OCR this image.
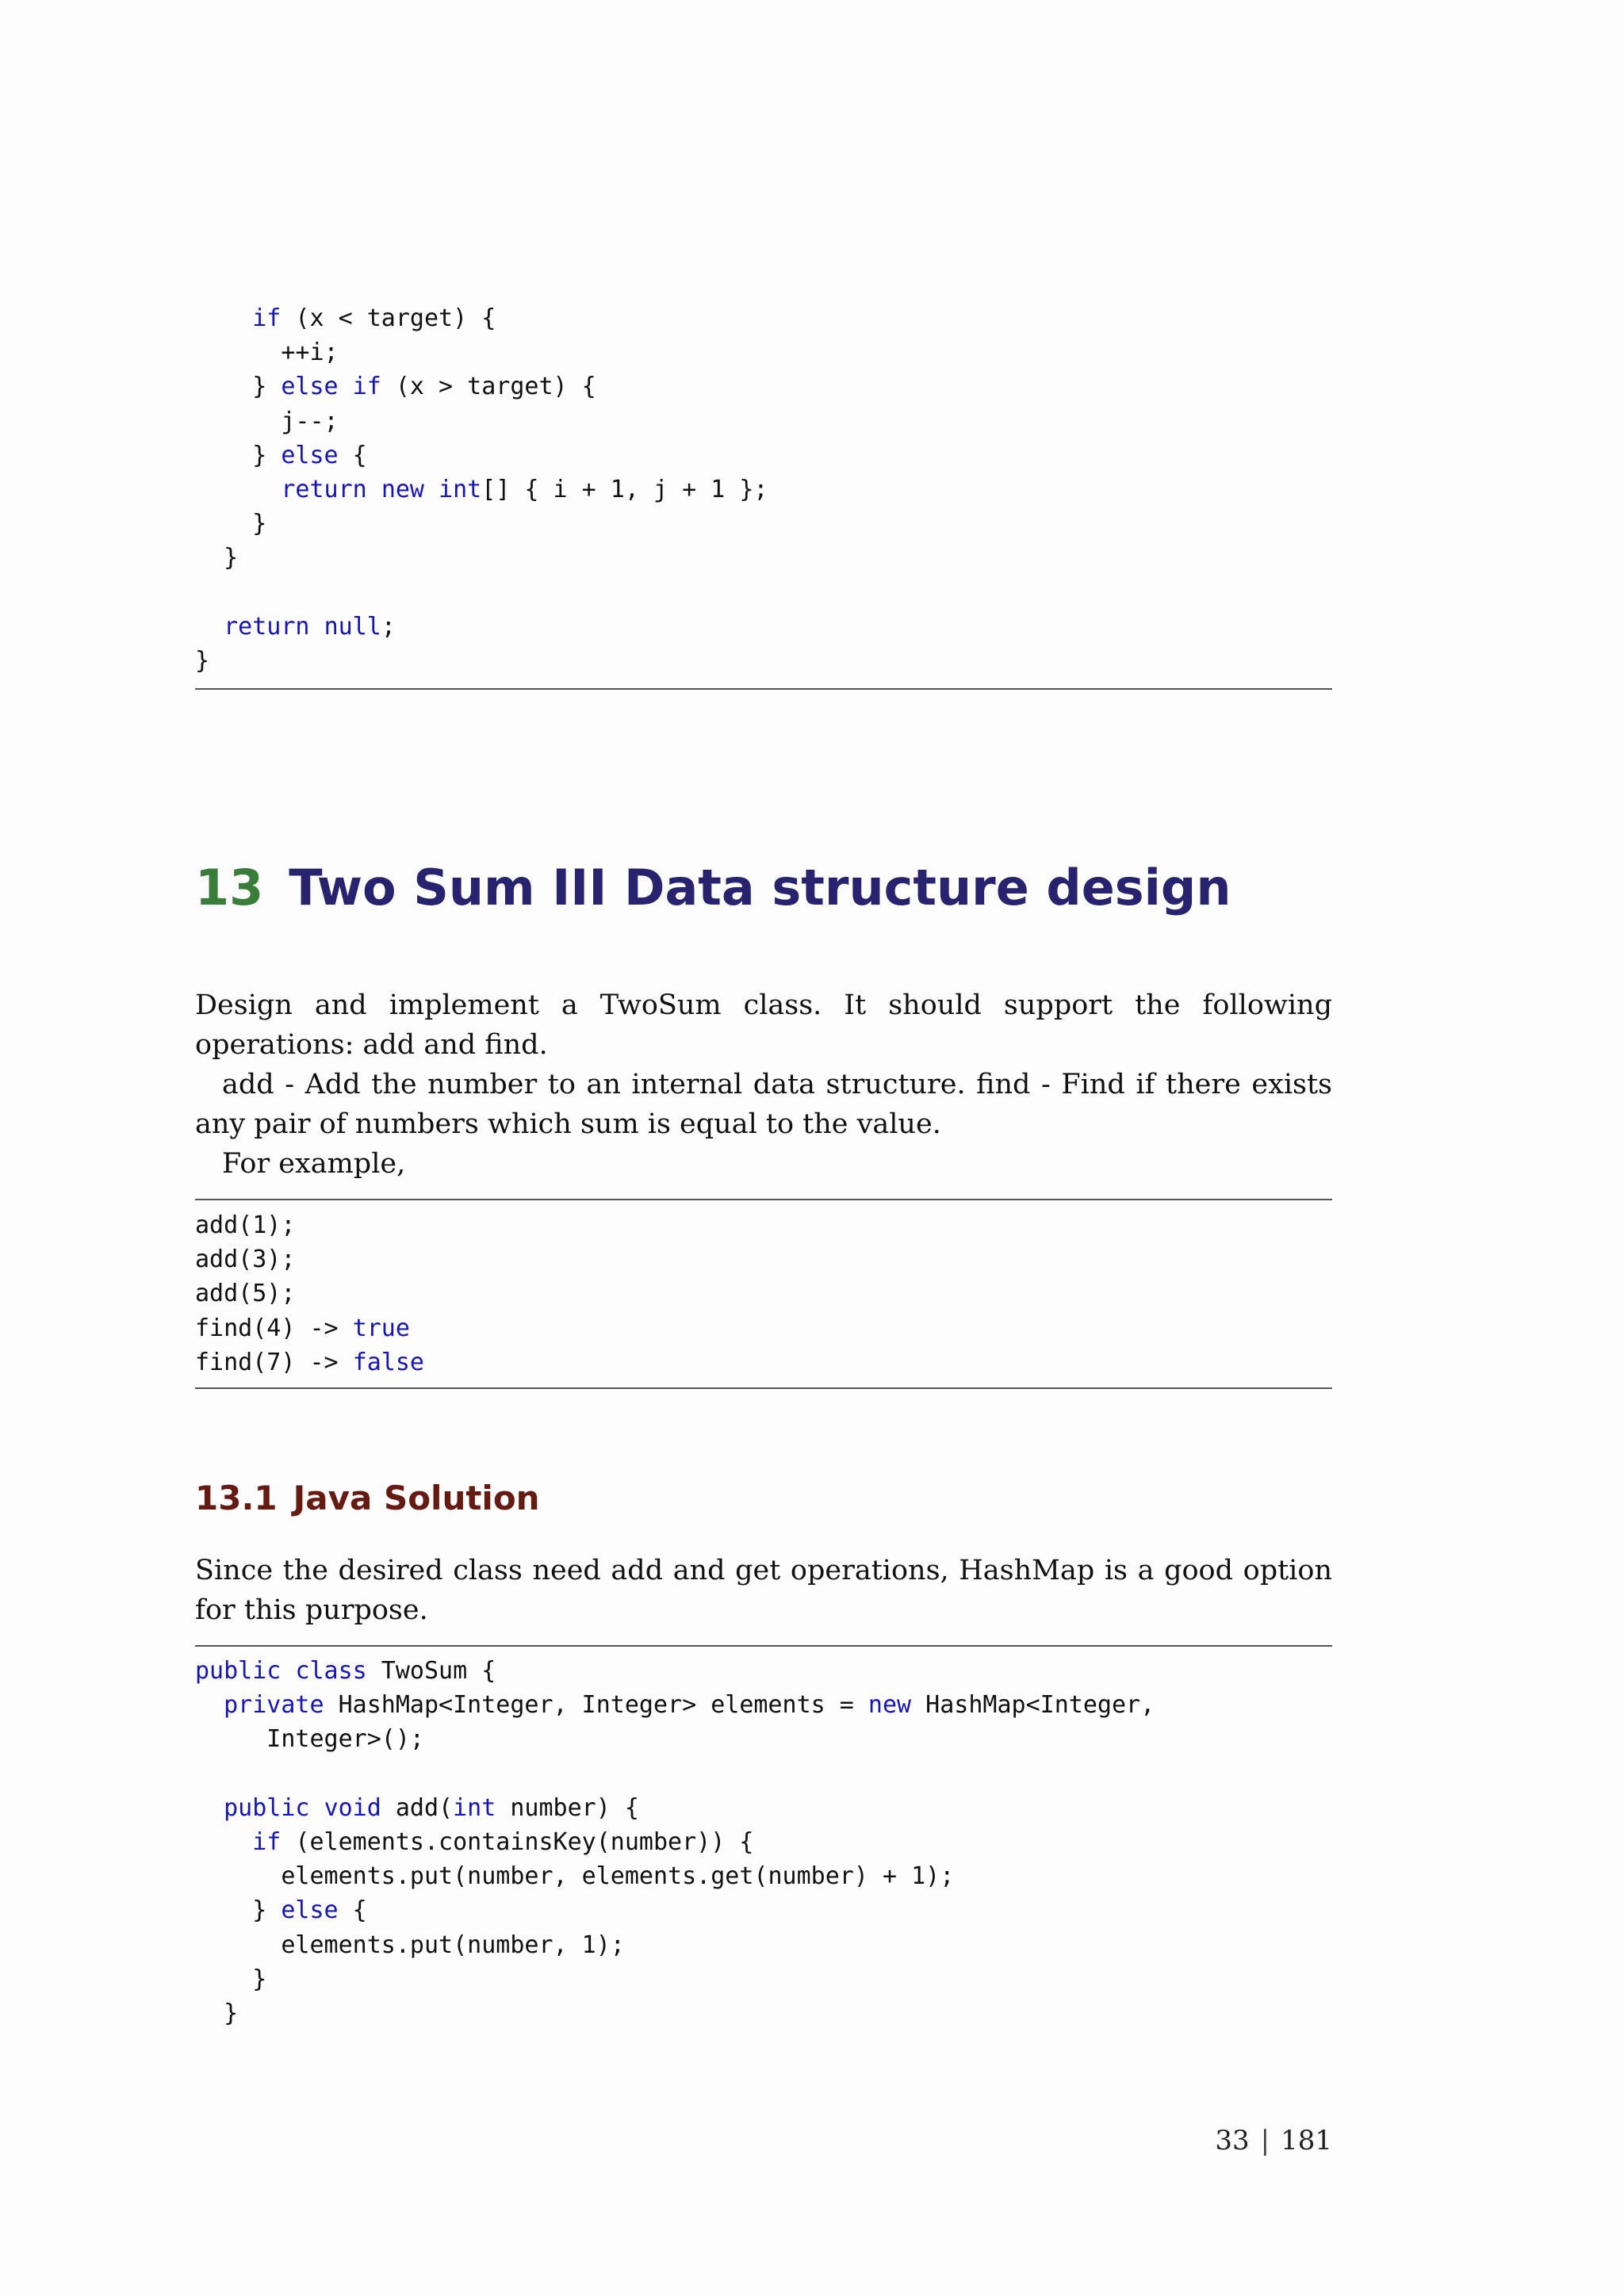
if (x < target) {
++i;
} else if (x > target) {
j--;
} else {
return new int[] { i + 1, j + 1 };
}
}

return null;
}
13 Two Sum III Data structure design

Design and implement a TwoSum class. It should support the following operations: add and find.

add - Add the number to an internal data structure. find - Find if there exists any pair of numbers which sum is equal to the value.

For example,

add(1);
add(3);
add(5);
find(4) -> true
find(7) -> false
13.1 Java Solution

Since the desired class need add and get operations, HashMap is a good option for this purpose.

public class TwoSum {
private HashMap<Integer, Integer> elements = new HashMap<Integer,
Integer>();

public void add(int number) {
if (elements.containsKey(number)) {
elements.put(number, elements.get(number) + 1);
} else {
elements.put(number, 1);
}
}
33 | 181
